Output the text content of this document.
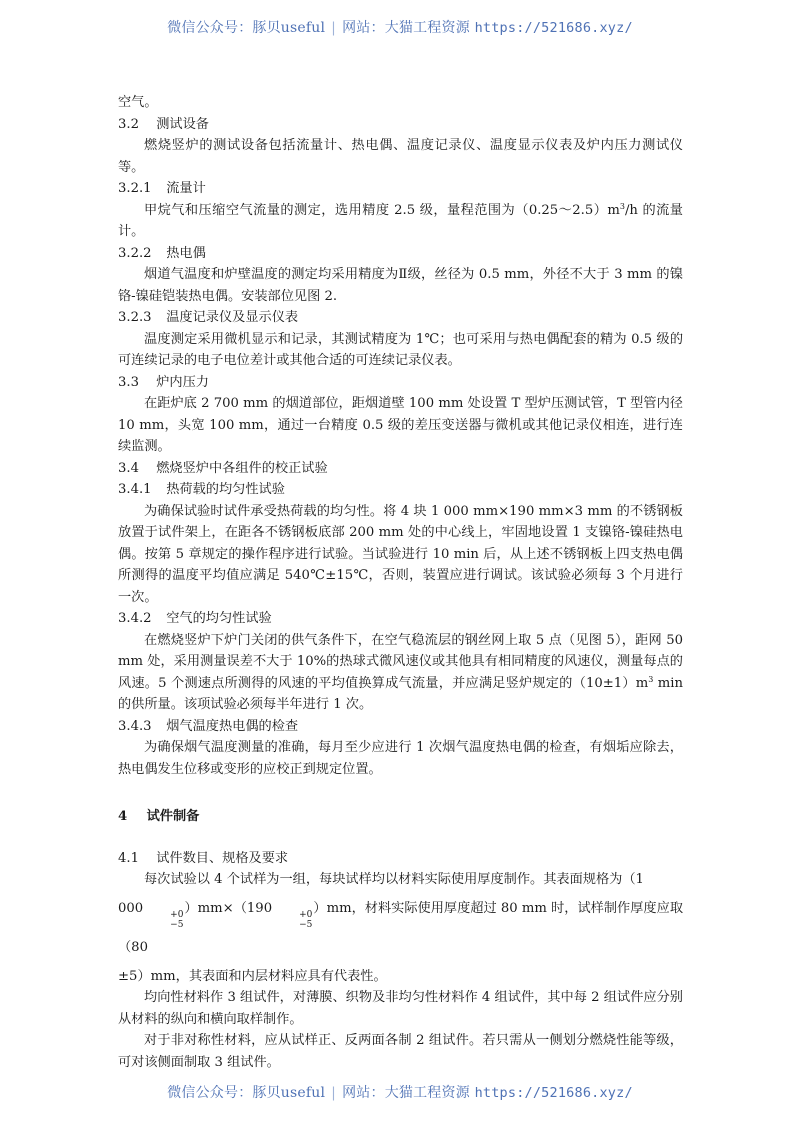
微信公众号：豚贝useful | 网站：大猫工程资源 https://521686.xyz/

空气。

3.2 测试设备

燃烧竖炉的测试设备包括流量计、热电偶、温度记录仪、温度显示仪表及炉内压力测试仪等。

3.2.1 流量计

甲烷气和压缩空气流量的测定，选用精度 2.5 级，量程范围为$(0.25\sim 2.5)m^3/h$ 的流量计。

3.2.2 热电偶

烟道气温度和炉壁温度的测定均采用精度为Ⅱ级，丝径为 0.5 mm，外径不大于 3 mm 的镍铬-镍硅铠装热电偶。安装部位见图 2.

3.2.3 温度记录仪及显示仪表

温度测定采用微机显示和记录，其测试精度为 1℃；也可采用与热电偶配套的精为 0.5 级的可连续记录的电子电位差计或其他合适的可连续记录仪表。

3.3 炉内压力

在距炉底 2 700 mm 的烟道部位，距烟道壁 100 mm 处设置 T 型炉压测试管，T 型管内径 10 mm，头宽 100 mm，通过一台精度 0.5 级的差压变送器与微机或其他记录仪相连，进行连续监测。

3.4 燃烧竖炉中各组件的校正试验

3.4.1 热荷载的均匀性试验

为确保试验时试件承受热荷载的均匀性。将 4 块 1 000 mm×190 mm×3 mm 的不锈钢板放置于试件架上，在距各不锈钢板底部 200 mm 处的中心线上，牢固地设置 1 支镍铬-镍硅热电偶。按第 5 章规定的操作程序进行试验。当试验进行 10 min 后，从上述不锈钢板上四支热电偶所测得的温度平均值应满足 540℃±15℃，否则，装置应进行调试。该试验必须每 3 个月进行一次。

3.4.2 空气的均匀性试验

在燃烧竖炉下炉门关闭的供气条件下，在空气稳流层的钢丝网上取 5 点（见图 5），距网 50 mm 处，采用测量误差不大于 10%的热球式微风速仪或其他具有相同精度的风速仪，测量每点的风速。5 个测速点所测得的风速的平均值换算成气流量，并应满足竖炉规定的$(10\pm 1)m^3$ min 的供所量。该项试验必须每半年进行 1 次。

3.4.3 烟气温度热电偶的检查

为确保烟气温度测量的准确，每月至少应进行 1 次烟气温度热电偶的检查，有烟垢应除去，热电偶发生位移或变形的应校正到规定位置。

4 试件制备

4.1 试件数目、规格及要求

每次试验以 4 个试样为一组，每块试样均以材料实际使用厚度制作。其表面规格为（1
000	+0
−5
）mm×（190	+0
−5
）mm，材料实际使用厚度超过 80 mm 时，试样制作厚度应取（80
±5）mm，其表面和内层材料应具有代表性。

均向性材料作 3 组试件，对薄膜、织物及非均匀性材料作 4 组试件，其中每 2 组试件应分别从材料的纵向和横向取样制作。

对于非对称性材料，应从试样正、反两面各制 2 组试件。若只需从一侧划分燃烧性能等级，可对该侧面制取 3 组试件。

微信公众号：豚贝useful | 网站：大猫工程资源 https://521686.xyz/
